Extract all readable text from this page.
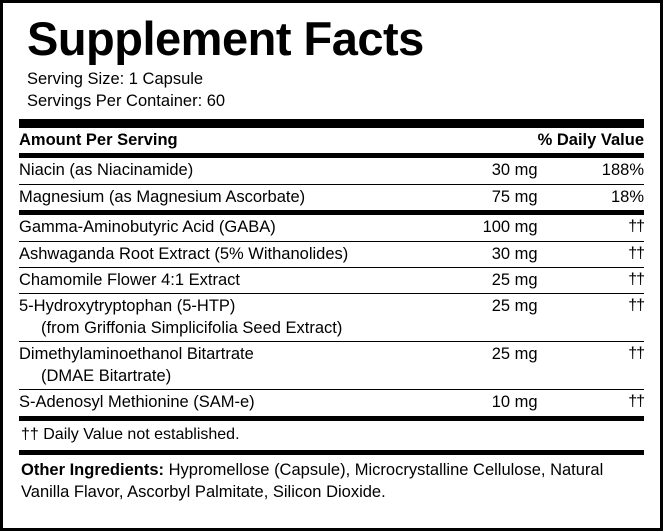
Supplement Facts
Serving Size: 1 Capsule
Servings Per Container: 60
Amount Per Serving		% Daily Value
Niacin (as Niacinamide)	30 mg	188%
Magnesium (as Magnesium Ascorbate)	75 mg	18%
Gamma-Aminobutyric Acid (GABA)	100 mg	††
Ashwaganda Root Extract (5% Withanolides)	30 mg	††
Chamomile Flower 4:1 Extract	25 mg	††
5-Hydroxytryptophan (5-HTP)
(from Griffonia Simplicifolia Seed Extract)	25 mg	††
Dimethylaminoethanol Bitartrate
(DMAE Bitartrate)	25 mg	††
S-Adenosyl Methionine (SAM-e)	10 mg	††
†† Daily Value not established.
Other Ingredients: Hypromellose (Capsule), Microcrystalline Cellulose, Natural Vanilla Flavor, Ascorbyl Palmitate, Silicon Dioxide.
